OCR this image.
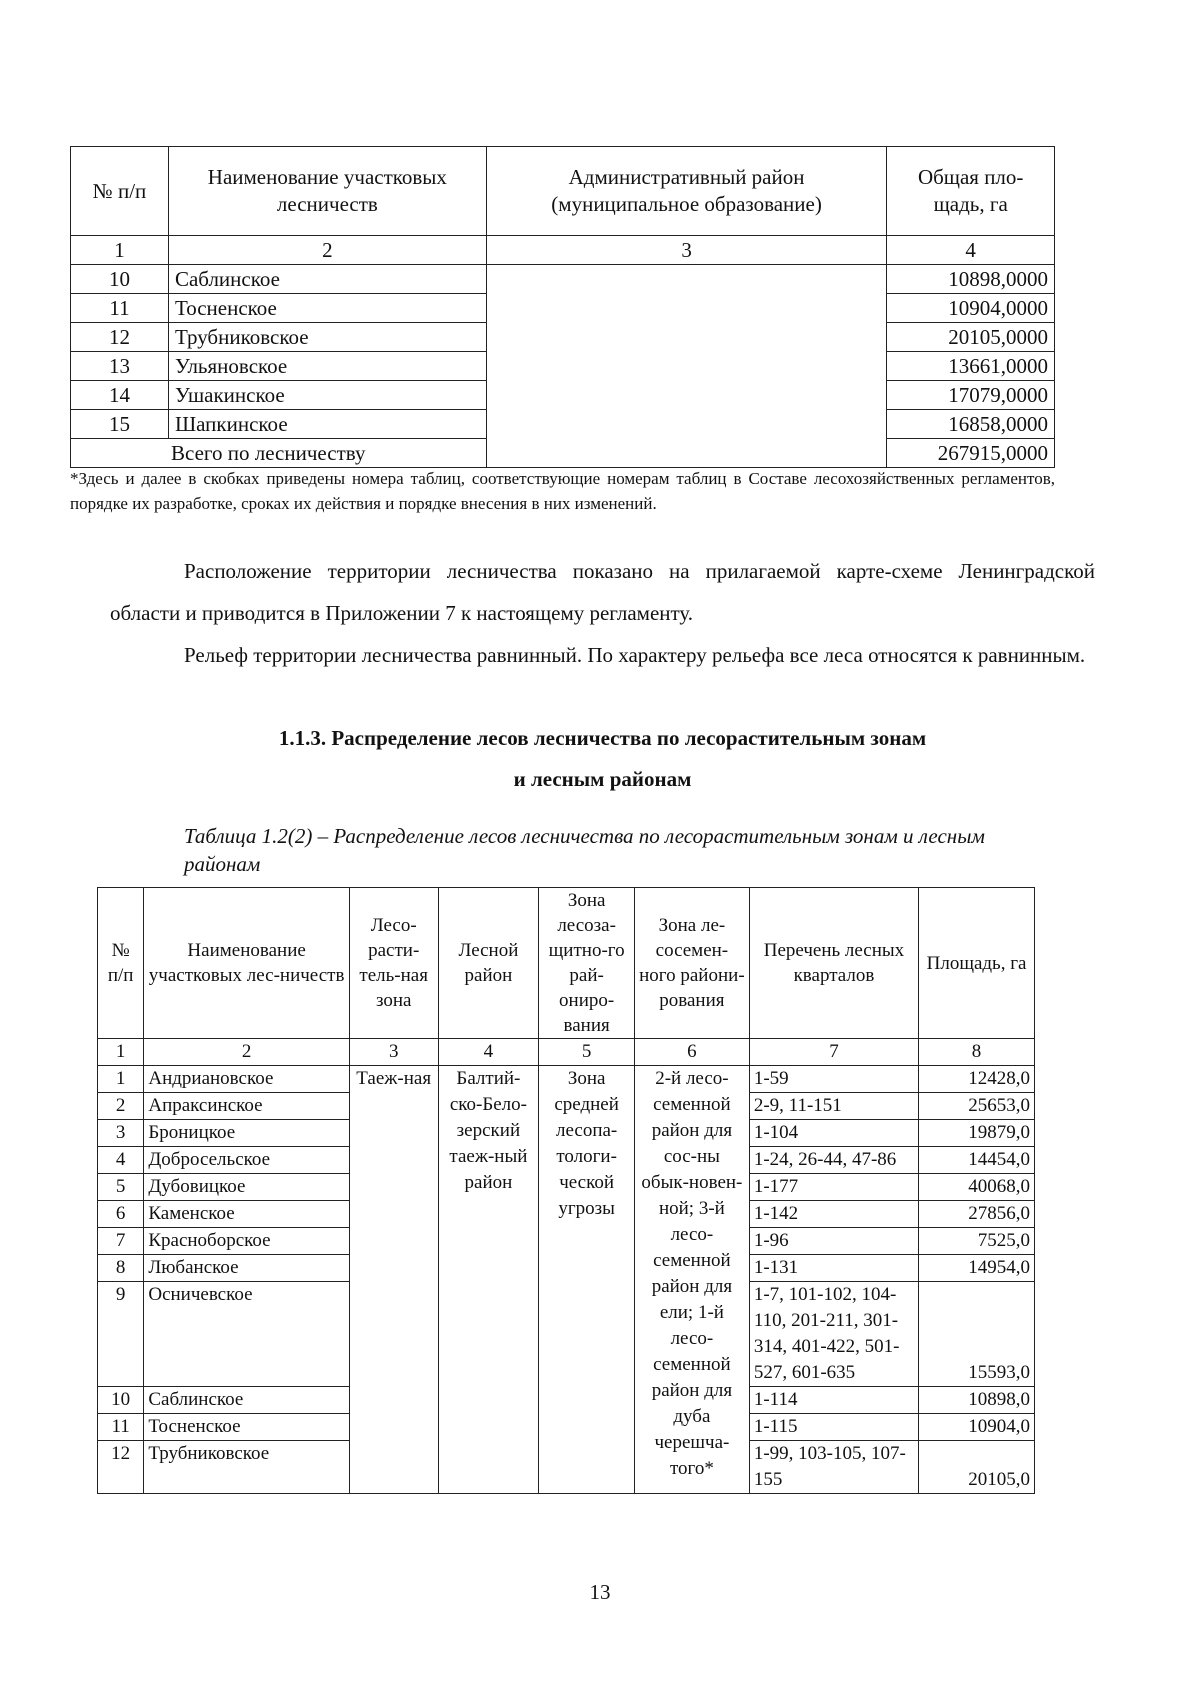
№ п/п	Наименование участковых лесничеств	Административный район (муниципальное образование)	Общая пло-щадь, га
1	2	3	4
10	Саблинское		10898,0000
11	Тосненское		10904,0000
12	Трубниковское		20105,0000
13	Ульяновское		13661,0000
14	Ушакинское		17079,0000
15	Шапкинское		16858,0000
Всего по лесничеству			267915,0000
*Здесь и далее в скобках приведены номера таблиц, соответствующие номерам таблиц в Составе лесохозяйственных регламентов, порядке их разработке, сроках их действия и порядке внесения в них изменений.
Расположение территории лесничества показано на прилагаемой карте-схеме Ленинградской области и приводится в Приложении 7 к настоящему регламенту.
Рельеф территории лесничества равнинный. По характеру рельефа все леса относятся к равнинным.
1.1.3. Распределение лесов лесничества по лесорастительным зонам
и лесным районам
Таблица 1.2(2) – Распределение лесов лесничества по лесорастительным зонам и лесным районам
№ п/п	Наименование участковых лес-ничеств	Лесо-расти-тель-ная зона	Лесной район	Зона лесоза-щитно-го рай-ониро-вания	Зона ле-сосемен-ного райони-рования	Перечень лесных кварталов	Площадь, га
1	2	3	4	5	6	7	8
1	Андриановское	Таеж-ная	Балтий-ско-Бело-зерский таеж-ный район	Зона средней лесопа-тологи-ческой угрозы	2-й лесо-семенной район для сос-ны обык-новен-ной; 3-й лесо-семенной район для ели; 1-й лесо-семенной район для дуба черешча-того*	1-59	12428,0
2	Апраксинское					2-9, 11-151	25653,0
3	Броницкое					1-104	19879,0
4	Добросельское					1-24, 26-44, 47-86	14454,0
5	Дубовицкое					1-177	40068,0
6	Каменское					1-142	27856,0
7	Красноборское					1-96	7525,0
8	Любанское					1-131	14954,0
9	Осничевское					1-7, 101-102, 104-110, 201-211, 301-314, 401-422, 501-527, 601-635	15593,0
10	Саблинское					1-114	10898,0
11	Тосненское					1-115	10904,0
12	Трубниковское					1-99, 103-105, 107-155	20105,0
13
